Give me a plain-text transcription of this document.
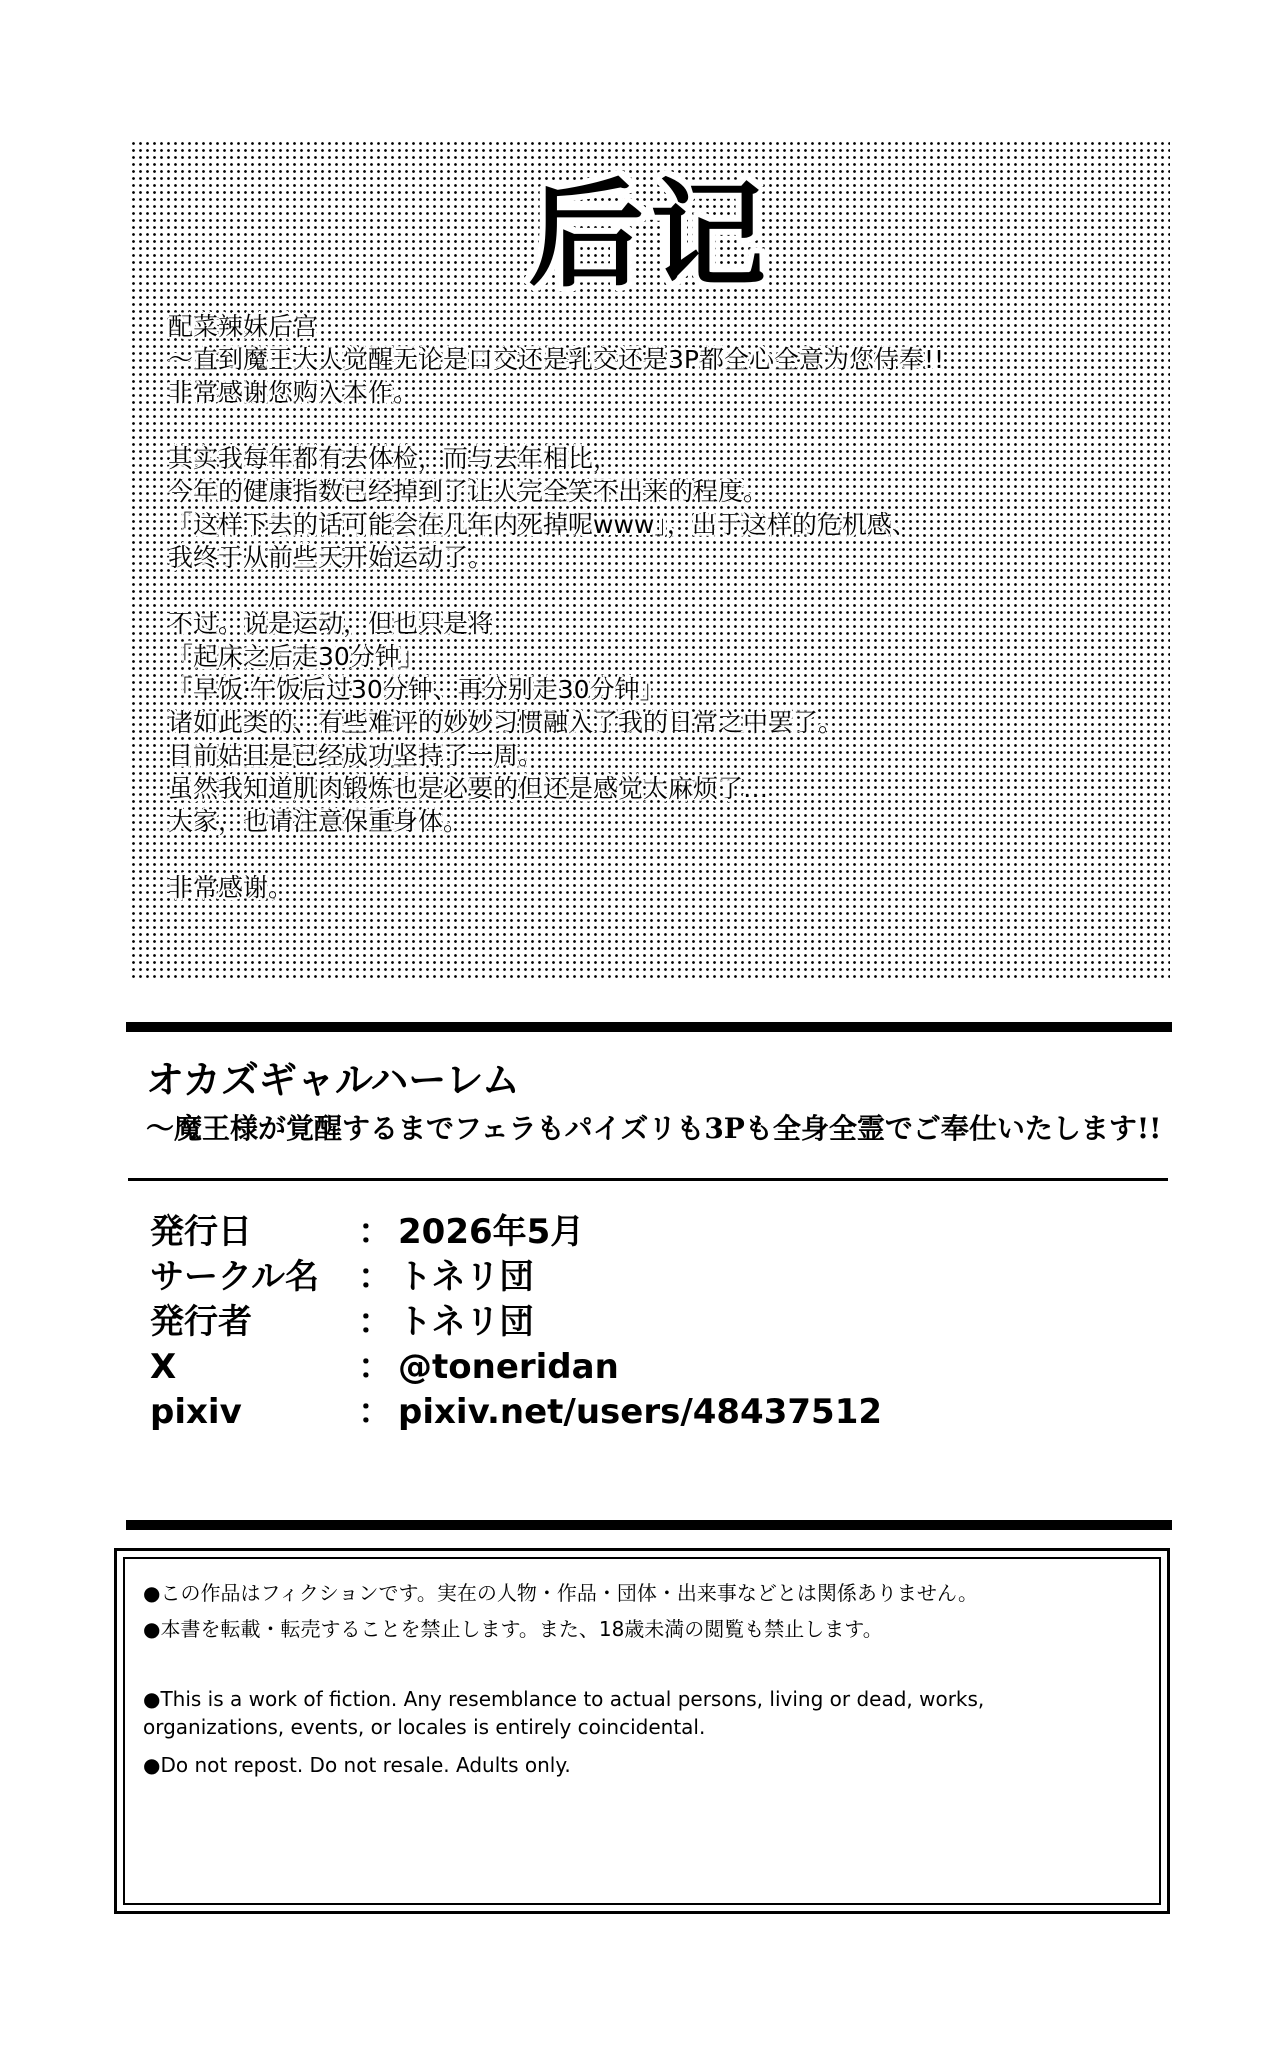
后记
配菜辣妹后宫
〜直到魔王大人觉醒无论是口交还是乳交还是3P都全心全意为您侍奉!!
非常感谢您购入本作。
其实我每年都有去体检，而与去年相比，
今年的健康指数已经掉到了让人完全笑不出来的程度。
「这样下去的话可能会在几年内死掉呢www」，出于这样的危机感、
我终于从前些天开始运动了。
不过。说是运动，但也只是将
「起床之后走30分钟」
「早饭·午饭后过30分钟、再分别走30分钟」
诸如此类的、有些难评的妙妙习惯融入了我的日常之中罢了。
目前姑且是已经成功坚持了一周。
虽然我知道肌肉锻炼也是必要的但还是感觉太麻烦了…
大家，也请注意保重身体。
非常感谢。
オカズギャルハーレム
〜魔王様が覚醒するまでフェラもパイズリも3Pも全身全霊でご奉仕いたします!!
発行日	： 2026年5月
サークル名 ： トネリ団
発行者	： トネリ団
X	： @toneridan
pixiv	： pixiv.net/users/48437512
●この作品はフィクションです。実在の人物・作品・団体・出来事などとは関係ありません。
●本書を転載・転売することを禁止します。また、18歳未満の閲覧も禁止します。
●This is a work of fiction. Any resemblance to actual persons, living or dead, works,
organizations, events, or locales is entirely coincidental.
●Do not repost. Do not resale. Adults only.
